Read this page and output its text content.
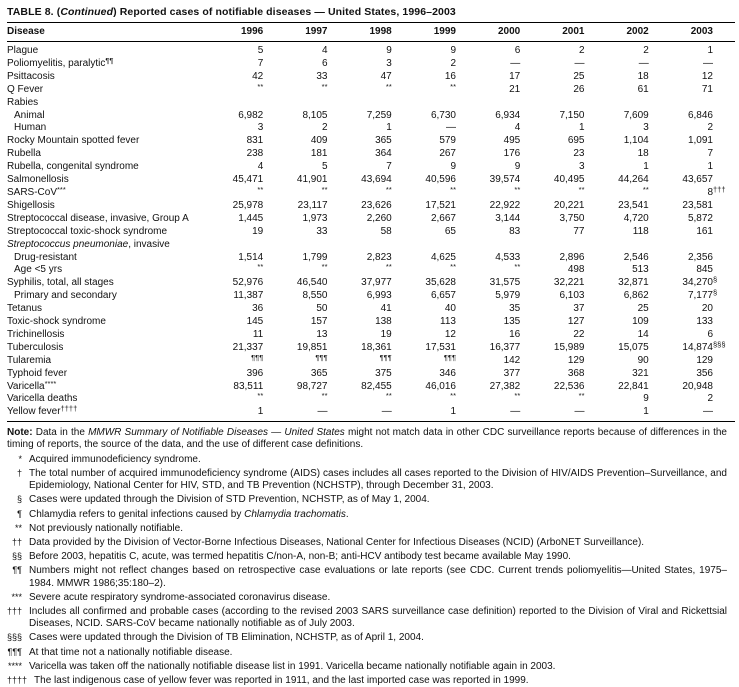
TABLE 8. (Continued) Reported cases of notifiable diseases — United States, 1996–2003
Disease	1996	1997	1998	1999	2000	2001	2002	2003
Plague	5	4	9	9	6	2	2	1
Poliomyelitis, paralytic¶¶	7	6	3	2	—	—	—	—
Psittacosis	42	33	47	16	17	25	18	12
Q Fever	**	**	**	**	21	26	61	71
Rabies								
Animal	6,982	8,105	7,259	6,730	6,934	7,150	7,609	6,846
Human	3	2	1	—	4	1	3	2
Rocky Mountain spotted fever	831	409	365	579	495	695	1,104	1,091
Rubella	238	181	364	267	176	23	18	7
Rubella, congenital syndrome	4	5	7	9	9	3	1	1
Salmonellosis	45,471	41,901	43,694	40,596	39,574	40,495	44,264	43,657
SARS-CoV***	**	**	**	**	**	**	**	8†††
Shigellosis	25,978	23,117	23,626	17,521	22,922	20,221	23,541	23,581
Streptococcal disease, invasive, Group A	1,445	1,973	2,260	2,667	3,144	3,750	4,720	5,872
Streptococcal toxic-shock syndrome	19	33	58	65	83	77	118	161
Streptococcus pneumoniae, invasive								
Drug-resistant	1,514	1,799	2,823	4,625	4,533	2,896	2,546	2,356
Age <5 yrs	**	**	**	**	**	498	513	845
Syphilis, total, all stages	52,976	46,540	37,977	35,628	31,575	32,221	32,871	34,270§
Primary and secondary	11,387	8,550	6,993	6,657	5,979	6,103	6,862	7,177§
Tetanus	36	50	41	40	35	37	25	20
Toxic-shock syndrome	145	157	138	113	135	127	109	133
Trichinellosis	11	13	19	12	16	22	14	6
Tuberculosis	21,337	19,851	18,361	17,531	16,377	15,989	15,075	14,874§§§
Tularemia	¶¶¶	¶¶¶	¶¶¶	¶¶¶	142	129	90	129
Typhoid fever	396	365	375	346	377	368	321	356
Varicella****	83,511	98,727	82,455	46,016	27,382	22,536	22,841	20,948
Varicella deaths	**	**	**	**	**	**	9	2
Yellow fever††††	1	—	—	1	—	—	1	—

Note: Data in the MMWR Summary of Notifiable Diseases — United States might not match data in other CDC surveillance reports because of differences in the timing of reports, the source of the data, and the use of different case definitions.

* Acquired immunodeficiency syndrome.
† The total number of acquired immunodeficiency syndrome (AIDS) cases includes all cases reported to the Division of HIV/AIDS Prevention–Surveillance, and Epidemiology, National Center for HIV, STD, and TB Prevention (NCHSTP), through December 31, 2003.
§ Cases were updated through the Division of STD Prevention, NCHSTP, as of May 1, 2004.
¶ Chlamydia refers to genital infections caused by Chlamydia trachomatis.
** Not previously nationally notifiable.
†† Data provided by the Division of Vector-Borne Infectious Diseases, National Center for Infectious Diseases (NCID) (ArboNET Surveillance).
§§ Before 2003, hepatitis C, acute, was termed hepatitis C/non-A, non-B; anti-HCV antibody test became available May 1990.
¶¶ Numbers might not reflect changes based on retrospective case evaluations or late reports (see CDC. Current trends poliomyelitis—United States, 1975–1984. MMWR 1986;35:180–2).
*** Severe acute respiratory syndrome-associated coronavirus disease.
††† Includes all confirmed and probable cases (according to the revised 2003 SARS surveillance case definition) reported to the Division of Viral and Rickettsial Diseases, NCID. SARS-CoV became nationally notifiable as of July 2003.
§§§ Cases were updated through the Division of TB Elimination, NCHSTP, as of April 1, 2004.
¶¶¶ At that time not a nationally notifiable disease.
**** Varicella was taken off the nationally notifiable disease list in 1991. Varicella became nationally notifiable again in 2003.
†††† The last indigenous case of yellow fever was reported in 1911, and the last imported case was reported in 1999.
